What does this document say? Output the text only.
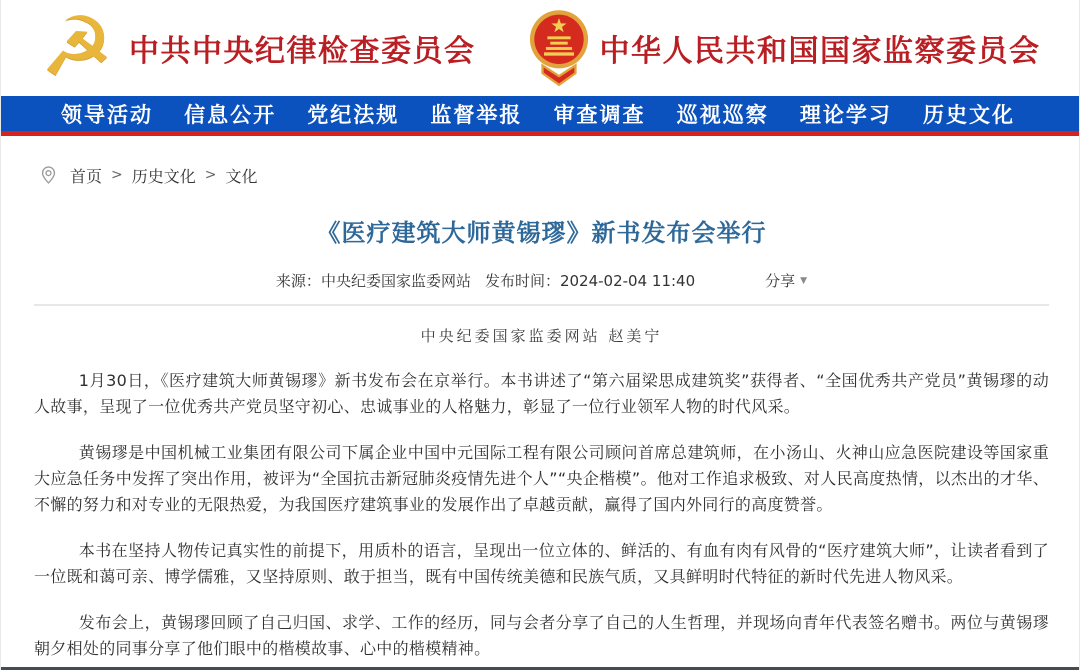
☭ 中共中央纪律检查委员会	中华人民共和国国家监察委员会
领导活动 信息公开 党纪法规 监督举报 审查调查 巡视巡察 理论学习 历史文化
首页 > 历史文化 > 文化
《医疗建筑大师黄锡璆》新书发布会举行
来源：中央纪委国家监委网站 发布时间：2024-02-04 11:40	分享 ▼
中央纪委国家监委网站 赵美宁

1月30日，《医疗建筑大师黄锡璆》新书发布会在京举行。本书讲述了“第六届梁思成建筑奖”获得者、“全国优秀共产党员”黄锡璆的动人故事，呈现了一位优秀共产党员坚守初心、忠诚事业的人格魅力，彰显了一位行业领军人物的时代风采。

黄锡璆是中国机械工业集团有限公司下属企业中国中元国际工程有限公司顾问首席总建筑师，在小汤山、火神山应急医院建设等国家重大应急任务中发挥了突出作用，被评为“全国抗击新冠肺炎疫情先进个人”“央企楷模”。他对工作追求极致、对人民高度热情，以杰出的才华、不懈的努力和对专业的无限热爱，为我国医疗建筑事业的发展作出了卓越贡献，赢得了国内外同行的高度赞誉。

本书在坚持人物传记真实性的前提下，用质朴的语言，呈现出一位立体的、鲜活的、有血有肉有风骨的“医疗建筑大师”，让读者看到了一位既和蔼可亲、博学儒雅，又坚持原则、敢于担当，既有中国传统美德和民族气质，又具鲜明时代特征的新时代先进人物风采。

发布会上，黄锡璆回顾了自己归国、求学、工作的经历，同与会者分享了自己的人生哲理，并现场向青年代表签名赠书。两位与黄锡璆朝夕相处的同事分享了他们眼中的楷模故事、心中的楷模精神。
